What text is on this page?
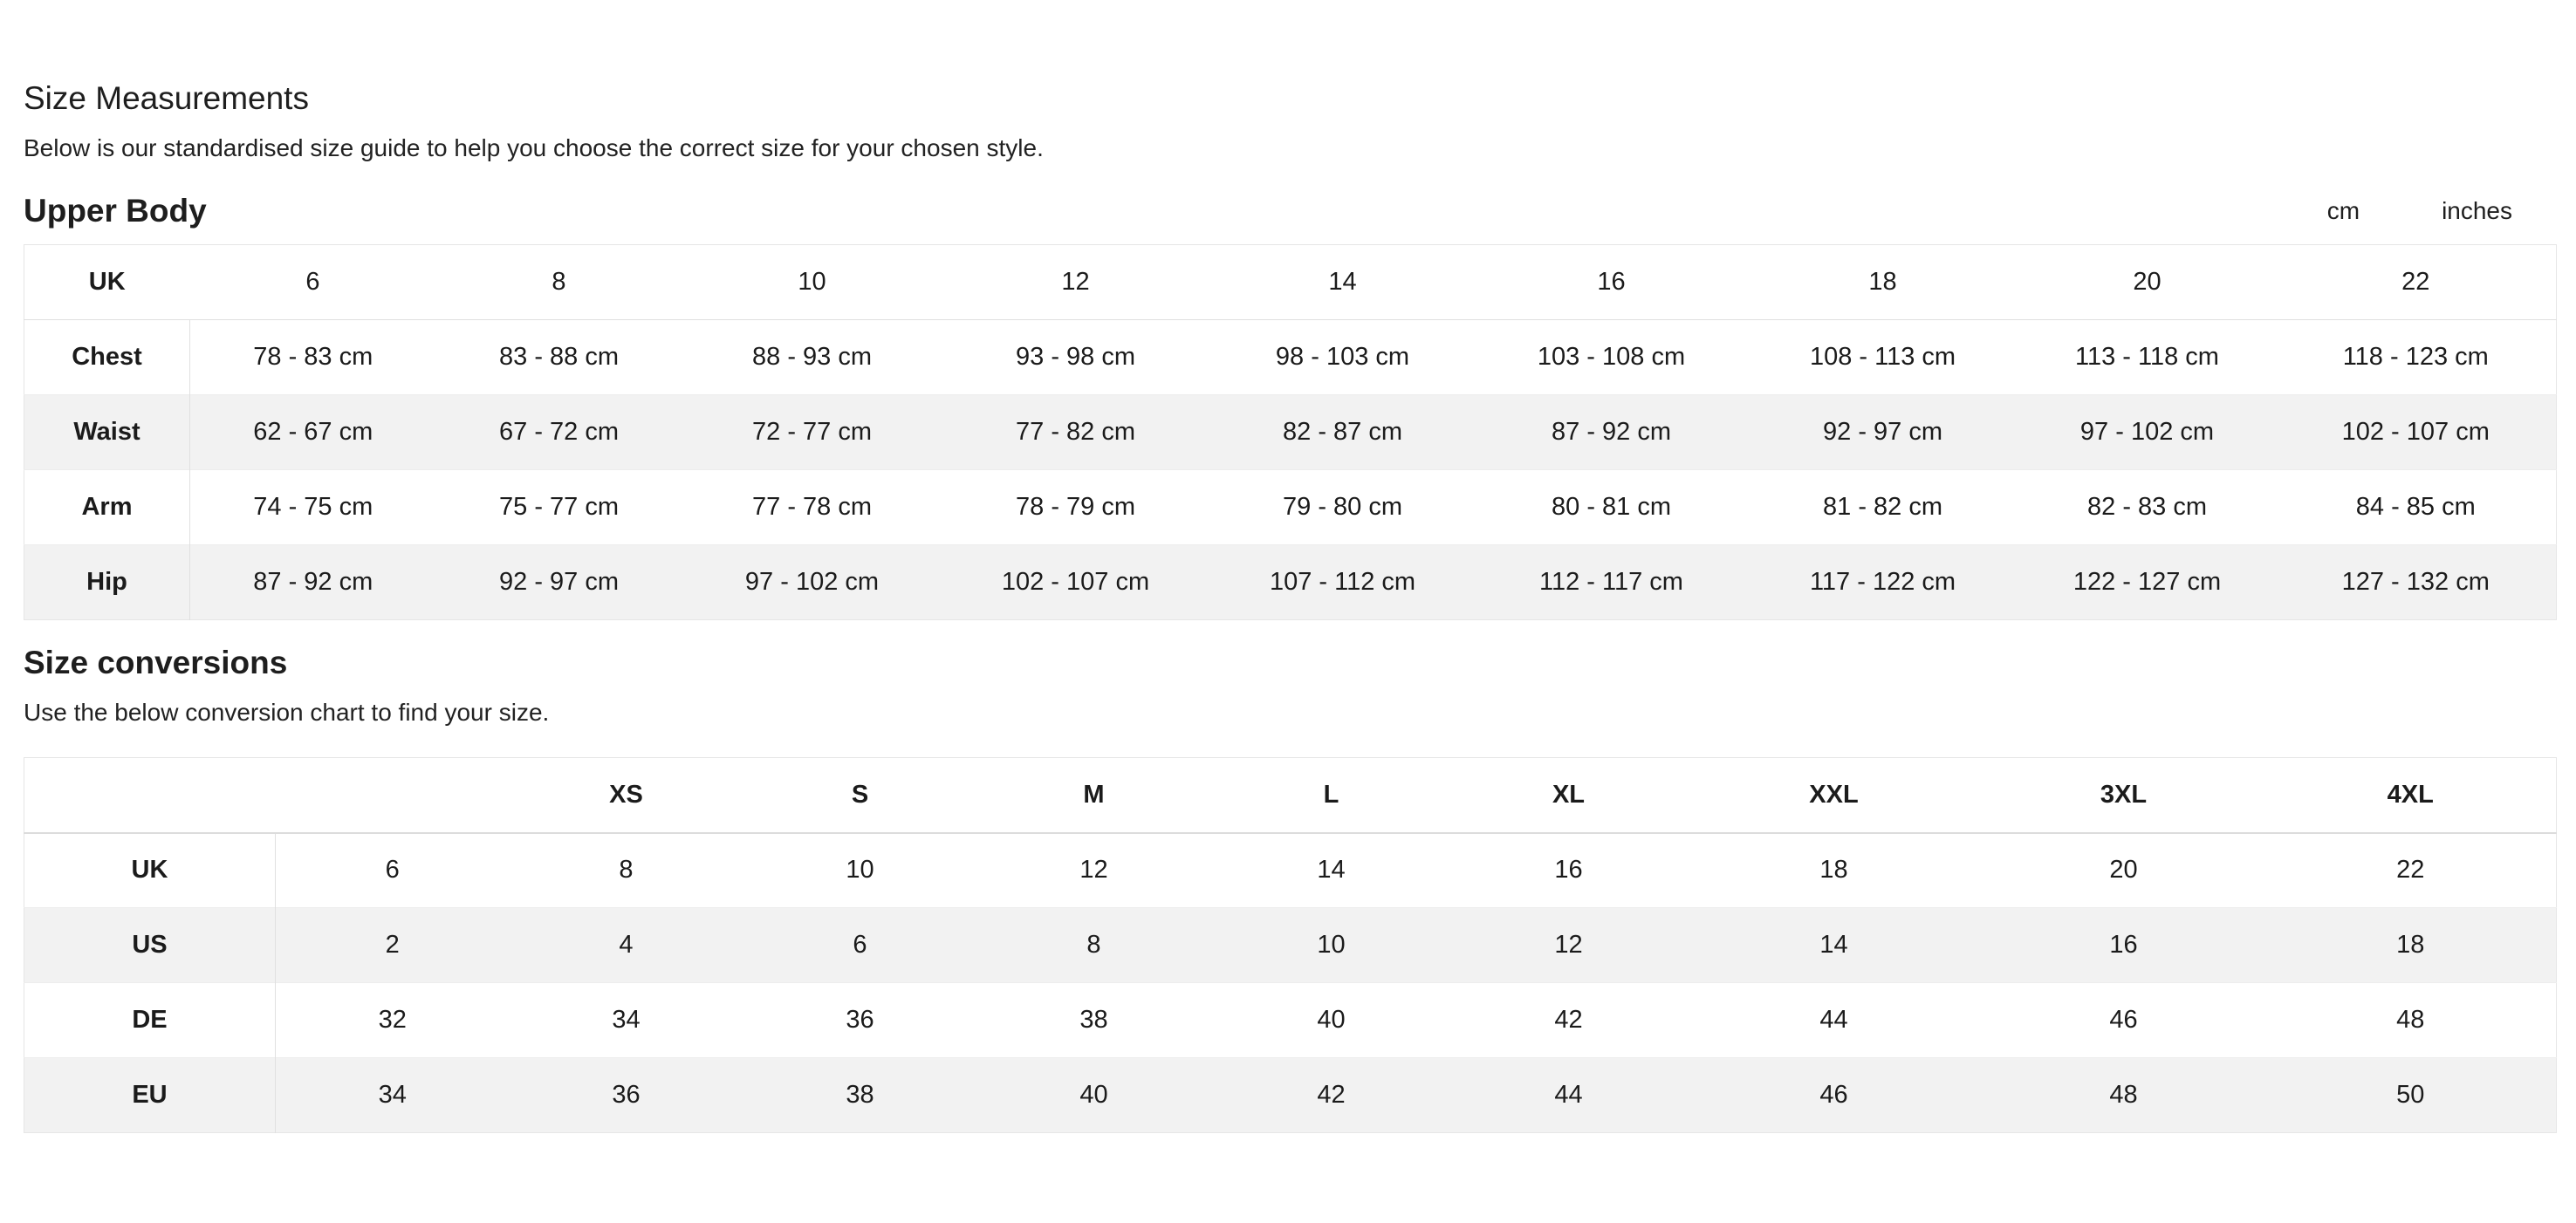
Size Measurements

Below is our standardised size guide to help you choose the correct size for your chosen style.

Upper Body	cm	inches
UK	6	8	10	12	14	16	18	20	22
Chest	78 - 83 cm	83 - 88 cm	88 - 93 cm	93 - 98 cm	98 - 103 cm	103 - 108 cm	108 - 113 cm	113 - 118 cm	118 - 123 cm
Waist	62 - 67 cm	67 - 72 cm	72 - 77 cm	77 - 82 cm	82 - 87 cm	87 - 92 cm	92 - 97 cm	97 - 102 cm	102 - 107 cm
Arm	74 - 75 cm	75 - 77 cm	77 - 78 cm	78 - 79 cm	79 - 80 cm	80 - 81 cm	81 - 82 cm	82 - 83 cm	84 - 85 cm
Hip	87 - 92 cm	92 - 97 cm	97 - 102 cm	102 - 107 cm	107 - 112 cm	112 - 117 cm	117 - 122 cm	122 - 127 cm	127 - 132 cm
Size conversions

Use the below conversion chart to find your size.

		XS	S	M	L	XL	XXL	3XL	4XL
UK	6	8	10	12	14	16	18	20	22
US	2	4	6	8	10	12	14	16	18
DE	32	34	36	38	40	42	44	46	48
EU	34	36	38	40	42	44	46	48	50
